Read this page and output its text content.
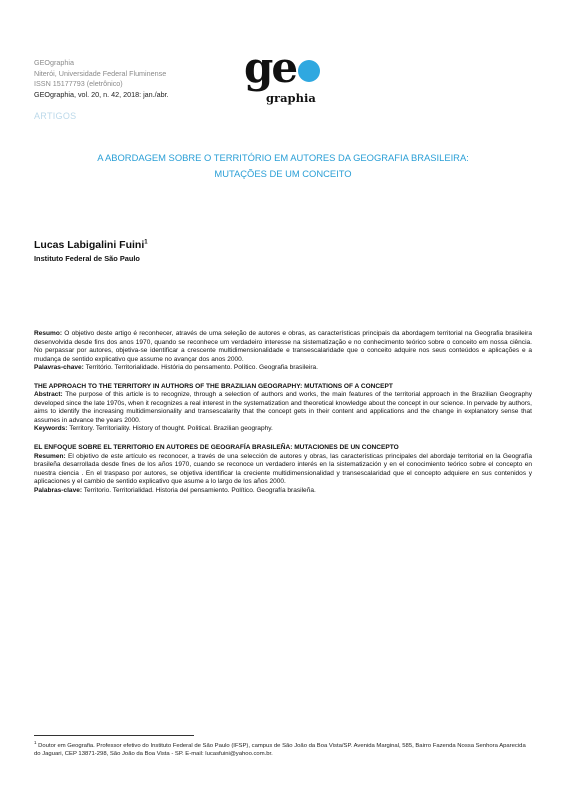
GEOgraphia
Niterói, Universidade Federal Fluminense
ISSN 15177793 (eletrônico)
GEOgraphia, vol. 20, n. 42, 2018: jan./abr.
ge
graphia
ARTIGOS
A ABORDAGEM SOBRE O TERRITÓRIO EM AUTORES DA GEOGRAFIA BRASILEIRA:
MUTAÇÕES DE UM CONCEITO
Lucas Labigalini Fuini$^1$
Instituto Federal de São Paulo

Resumo: O objetivo deste artigo é reconhecer, através de uma seleção de autores e obras, as características principais da abordagem territorial na Geografia brasileira desenvolvida desde fins dos anos 1970, quando se reconhece um verdadeiro interesse na sistematização e no conhecimento teórico sobre o conceito em nossa ciência. No perpassar por autores, objetiva-se identificar a crescente multidimensionalidade e transescalaridade que o conceito adquire nos seus conteúdos e aplicações e a mudança de sentido explicativo que assume no avançar dos anos 2000.

Palavras-chave: Território. Territorialidade. História do pensamento. Político. Geografia brasileira.

THE APPROACH TO THE TERRITORY IN AUTHORS OF THE BRAZILIAN GEOGRAPHY: MUTATIONS OF A CONCEPT

Abstract: The purpose of this article is to recognize, through a selection of authors and works, the main features of the territorial approach in the Brazilian Geography developed since the late 1970s, when it recognizes a real interest in the systematization and theoretical knowledge about the concept in our science. In pervade by authors, aims to identify the increasing multidimensionality and transescalarity that the concept gets in their content and applications and the change in explanatory sense that assumes in advance the years 2000.

Keywords: Territory. Territoriality. History of thought. Political. Brazilian geography.

EL ENFOQUE SOBRE EL TERRITORIO EN AUTORES DE GEOGRAFÍA BRASILEÑA: MUTACIONES DE UN CONCEPTO

Resumen: El objetivo de este artículo es reconocer, a través de una selección de autores y obras, las características principales del abordaje territorial en la Geografía brasileña desarrollada desde fines de los años 1970, cuando se reconoce un verdadero interés en la sistematización y en el conocimiento teórico sobre el concepto en nuestra ciencia . En el traspaso por autores, se objetiva identificar la creciente multidimensionalidad y transescalaridad que el concepto adquiere en sus contenidos y aplicaciones y el cambio de sentido explicativo que asume a lo largo de los años 2000.

Palabras-clave: Territorio. Territorialidad. Historia del pensamiento. Político. Geografía brasileña.

$^1$ Doutor em Geografia. Professor efetivo do Instituto Federal de São Paulo (IFSP), campus de São João da Boa Vista/SP. Avenida Marginal, 585, Bairro Fazenda Nossa Senhora Aparecida do Jaguari, CEP 13871-298, São João da Boa Vista - SP. E-mail: lucasfuini@yahoo.com.br.
